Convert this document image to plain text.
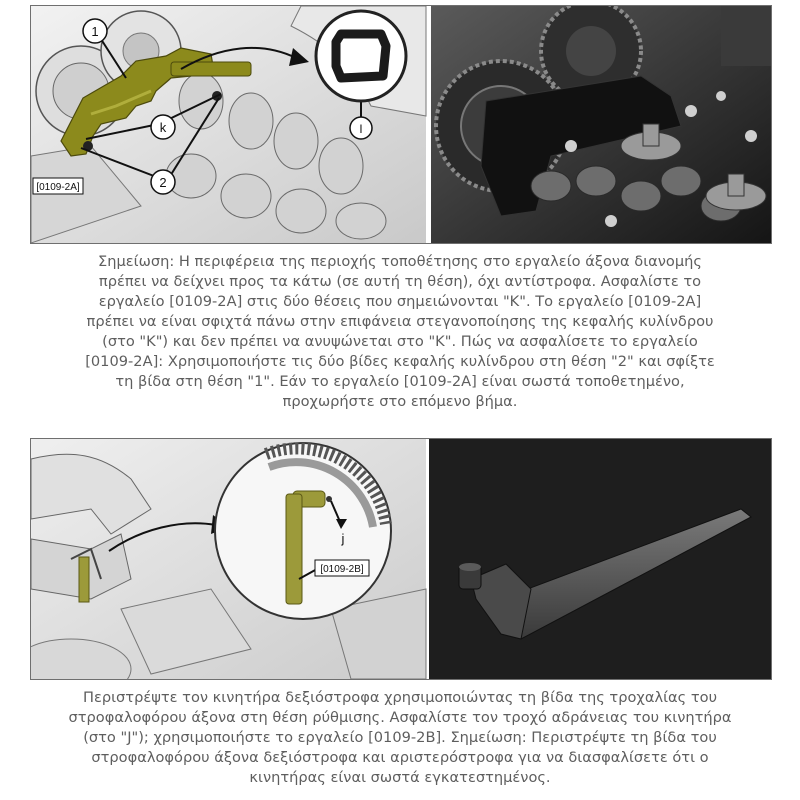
1
k
2
l
[0109-2A]
Σημείωση: Η περιφέρεια της περιοχής τοποθέτησης στο εργαλείο άξονα διανομής
πρέπει να δείχνει προς τα κάτω (σε αυτή τη θέση), όχι αντίστροφα. Ασφαλίστε το
εργαλείο [0109-2A] στις δύο θέσεις που σημειώνονται "K". Το εργαλείο [0109-2A]
πρέπει να είναι σφιχτά πάνω στην επιφάνεια στεγανοποίησης της κεφαλής κυλίνδρου
(στο "K") και δεν πρέπει να ανυψώνεται στο "K". Πώς να ασφαλίσετε το εργαλείο
[0109-2A]: Χρησιμοποιήστε τις δύο βίδες κεφαλής κυλίνδρου στη θέση "2" και σφίξτε
τη βίδα στη θέση "1". Εάν το εργαλείο [0109-2A] είναι σωστά τοποθετημένο,
προχωρήστε στο επόμενο βήμα.
j
[0109-2B]
Περιστρέψτε τον κινητήρα δεξιόστροφα χρησιμοποιώντας τη βίδα της τροχαλίας του
στροφαλοφόρου άξονα στη θέση ρύθμισης. Ασφαλίστε τον τροχό αδράνειας του κινητήρα
(στο "J"); χρησιμοποιήστε το εργαλείο [0109-2B]. Σημείωση: Περιστρέψτε τη βίδα του
στροφαλοφόρου άξονα δεξιόστροφα και αριστερόστροφα για να διασφαλίσετε ότι ο
κινητήρας είναι σωστά εγκατεστημένος.
